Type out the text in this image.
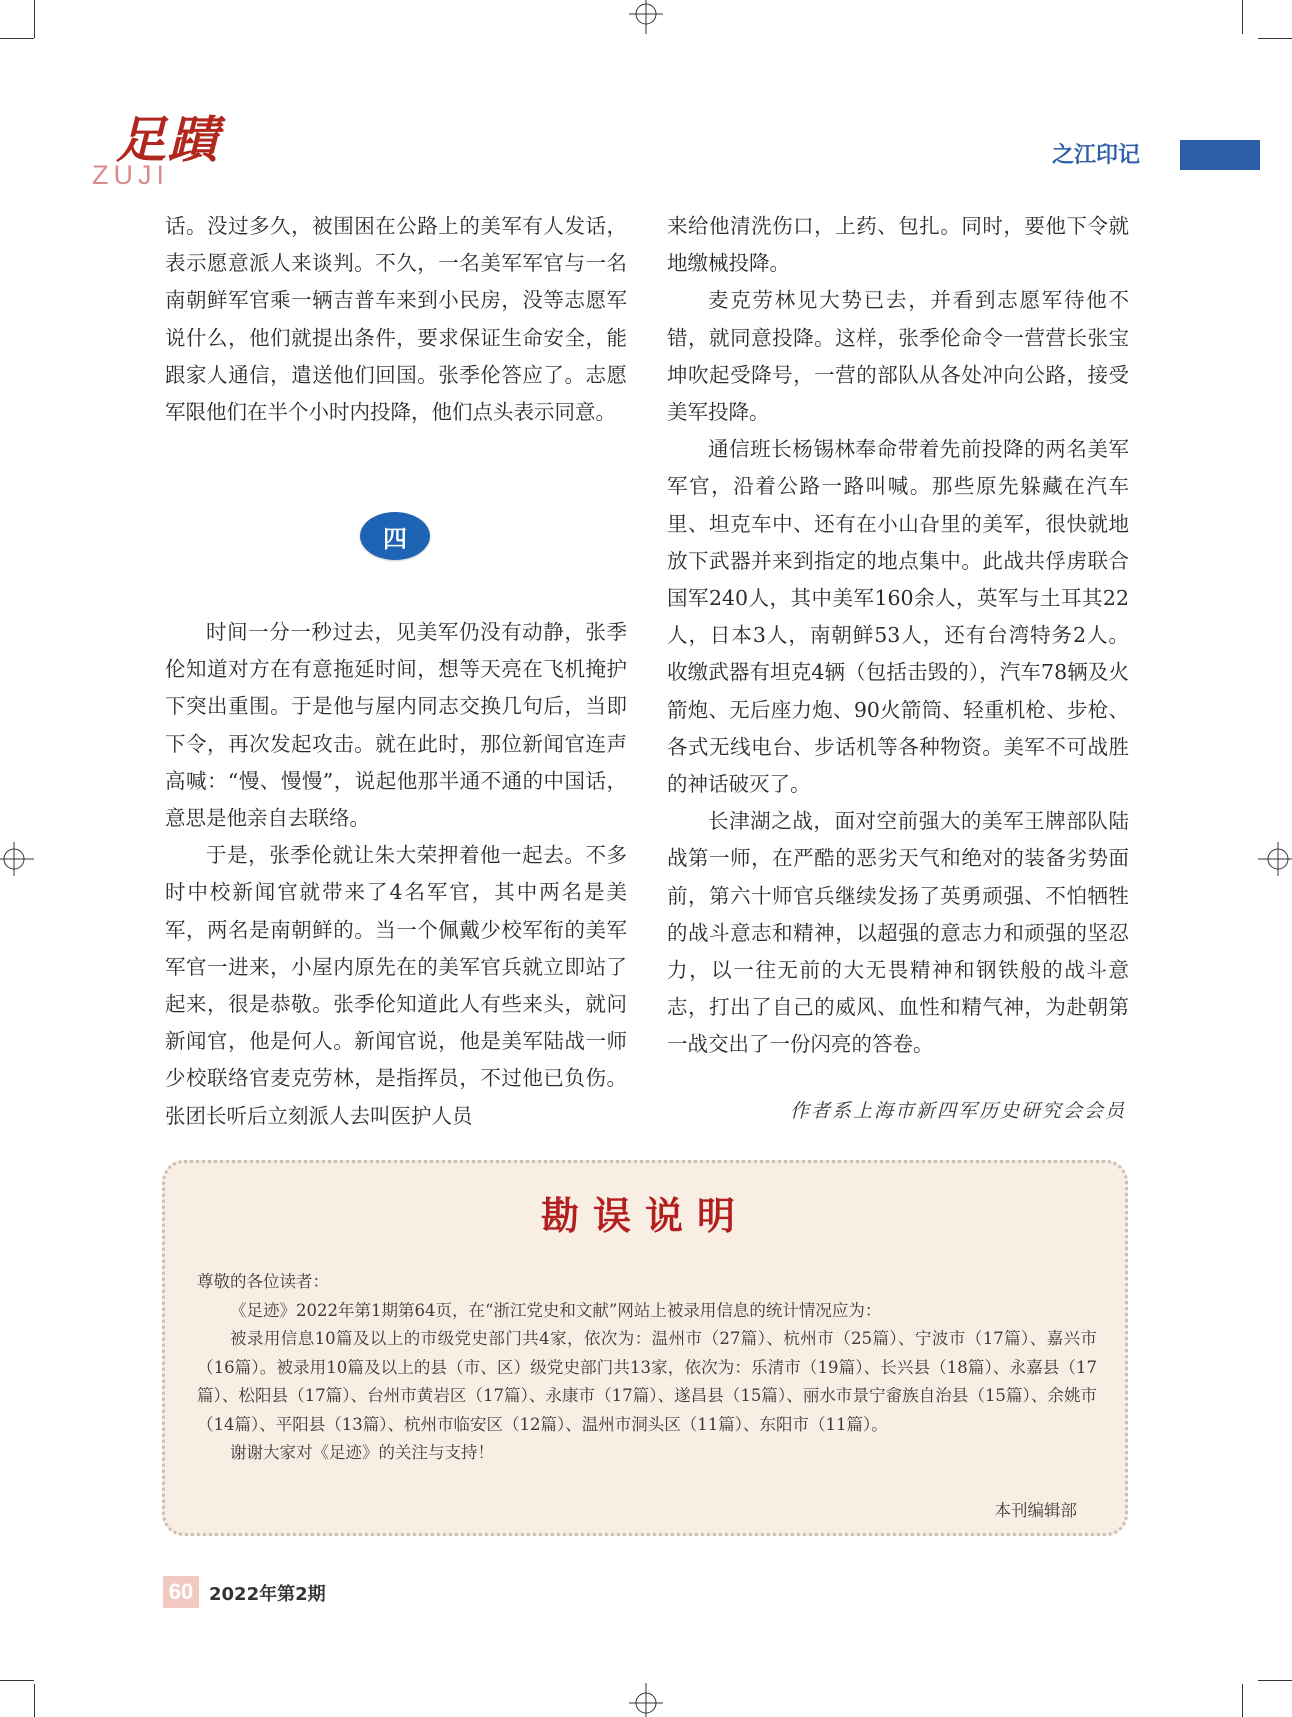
足蹟
ZUJI
之江印记

话。没过多久，被围困在公路上的美军有人发话，表示愿意派人来谈判。不久，一名美军军官与一名南朝鲜军官乘一辆吉普车来到小民房，没等志愿军说什么，他们就提出条件，要求保证生命安全，能跟家人通信，遣送他们回国。张季伦答应了。志愿军限他们在半个小时内投降，他们点头表示同意。

四

时间一分一秒过去，见美军仍没有动静，张季伦知道对方在有意拖延时间，想等天亮在飞机掩护下突出重围。于是他与屋内同志交换几句后，当即下令，再次发起攻击。就在此时，那位新闻官连声高喊：“慢、慢慢”，说起他那半通不通的中国话，意思是他亲自去联络。

于是，张季伦就让朱大荣押着他一起去。不多时中校新闻官就带来了4名军官，其中两名是美军，两名是南朝鲜的。当一个佩戴少校军衔的美军军官一进来，小屋内原先在的美军官兵就立即站了起来，很是恭敬。张季伦知道此人有些来头，就问新闻官，他是何人。新闻官说，他是美军陆战一师少校联络官麦克劳林，是指挥员，不过他已负伤。张团长听后立刻派人去叫医护人员

来给他清洗伤口，上药、包扎。同时，要他下令就地缴械投降。

麦克劳林见大势已去，并看到志愿军待他不错，就同意投降。这样，张季伦命令一营营长张宝坤吹起受降号，一营的部队从各处冲向公路，接受美军投降。

通信班长杨锡林奉命带着先前投降的两名美军军官，沿着公路一路叫喊。那些原先躲藏在汽车里、坦克车中、还有在小山旮里的美军，很快就地放下武器并来到指定的地点集中。此战共俘虏联合国军240人，其中美军160余人，英军与土耳其22人，日本3人，南朝鲜53人，还有台湾特务2人。收缴武器有坦克4辆（包括击毁的），汽车78辆及火箭炮、无后座力炮、90火箭筒、轻重机枪、步枪、各式无线电台、步话机等各种物资。美军不可战胜的神话破灭了。

长津湖之战，面对空前强大的美军王牌部队陆战第一师，在严酷的恶劣天气和绝对的装备劣势面前，第六十师官兵继续发扬了英勇顽强、不怕牺牲的战斗意志和精神，以超强的意志力和顽强的坚忍力，以一往无前的大无畏精神和钢铁般的战斗意志，打出了自己的威风、血性和精气神，为赴朝第一战交出了一份闪亮的答卷。

作者系上海市新四军历史研究会会员
勘误说明

尊敬的各位读者：

《足迹》2022年第1期第64页，在“浙江党史和文献”网站上被录用信息的统计情况应为：

被录用信息10篇及以上的市级党史部门共4家，依次为：温州市（27篇）、杭州市（25篇）、宁波市（17篇）、嘉兴市（16篇）。被录用10篇及以上的县（市、区）级党史部门共13家，依次为：乐清市（19篇）、长兴县（18篇）、永嘉县（17篇）、松阳县（17篇）、台州市黄岩区（17篇）、永康市（17篇）、遂昌县（15篇）、丽水市景宁畲族自治县（15篇）、余姚市（14篇）、平阳县（13篇）、杭州市临安区（12篇）、温州市洞头区（11篇）、东阳市（11篇）。

谢谢大家对《足迹》的关注与支持！

本刊编辑部
60 2022年第2期
